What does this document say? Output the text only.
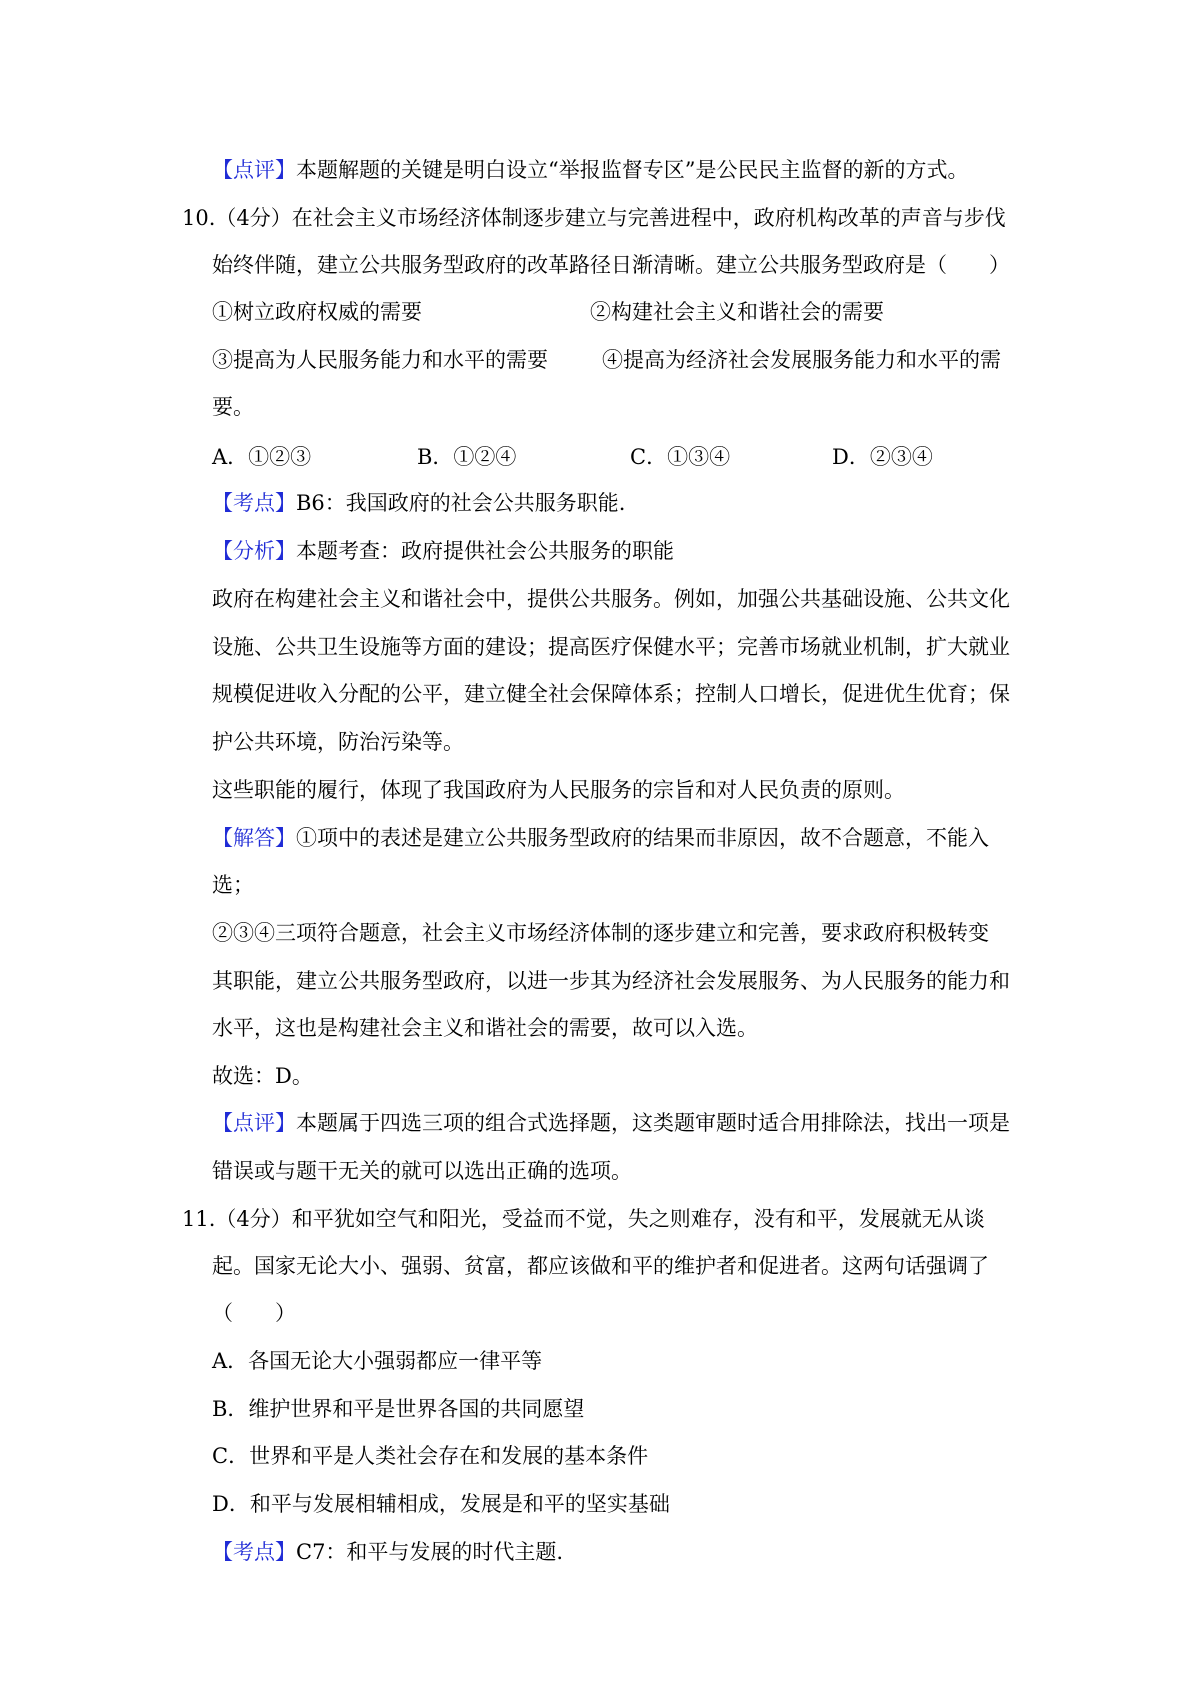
【点评】本题解题的关键是明白设立“举报监督专区”是公民民主监督的新的方式。
10.（4分）在社会主义市场经济体制逐步建立与完善进程中，政府机构改革的声音与步伐
始终伴随，建立公共服务型政府的改革路径日渐清晰。建立公共服务型政府是（　　）
①树立政府权威的需要	②构建社会主义和谐社会的需要
③提高为人民服务能力和水平的需要	④提高为经济社会发展服务能力和水平的需
要。
A．①②③	B．①②④	C．①③④	D．②③④
【考点】B6：我国政府的社会公共服务职能.
【分析】本题考查：政府提供社会公共服务的职能
政府在构建社会主义和谐社会中，提供公共服务。例如，加强公共基础设施、公共文化
设施、公共卫生设施等方面的建设；提高医疗保健水平；完善市场就业机制，扩大就业
规模促进收入分配的公平，建立健全社会保障体系；控制人口增长，促进优生优育；保
护公共环境，防治污染等。
这些职能的履行，体现了我国政府为人民服务的宗旨和对人民负责的原则。
【解答】①项中的表述是建立公共服务型政府的结果而非原因，故不合题意，不能入
选；
②③④三项符合题意，社会主义市场经济体制的逐步建立和完善，要求政府积极转变
其职能，建立公共服务型政府，以进一步其为经济社会发展服务、为人民服务的能力和
水平，这也是构建社会主义和谐社会的需要，故可以入选。
故选：D。
【点评】本题属于四选三项的组合式选择题，这类题审题时适合用排除法，找出一项是
错误或与题干无关的就可以选出正确的选项。
11.（4分）和平犹如空气和阳光，受益而不觉，失之则难存，没有和平，发展就无从谈
起。国家无论大小、强弱、贫富，都应该做和平的维护者和促进者。这两句话强调了
（　　）
A．各国无论大小强弱都应一律平等
B．维护世界和平是世界各国的共同愿望
C．世界和平是人类社会存在和发展的基本条件
D．和平与发展相辅相成，发展是和平的坚实基础
【考点】C7：和平与发展的时代主题.
